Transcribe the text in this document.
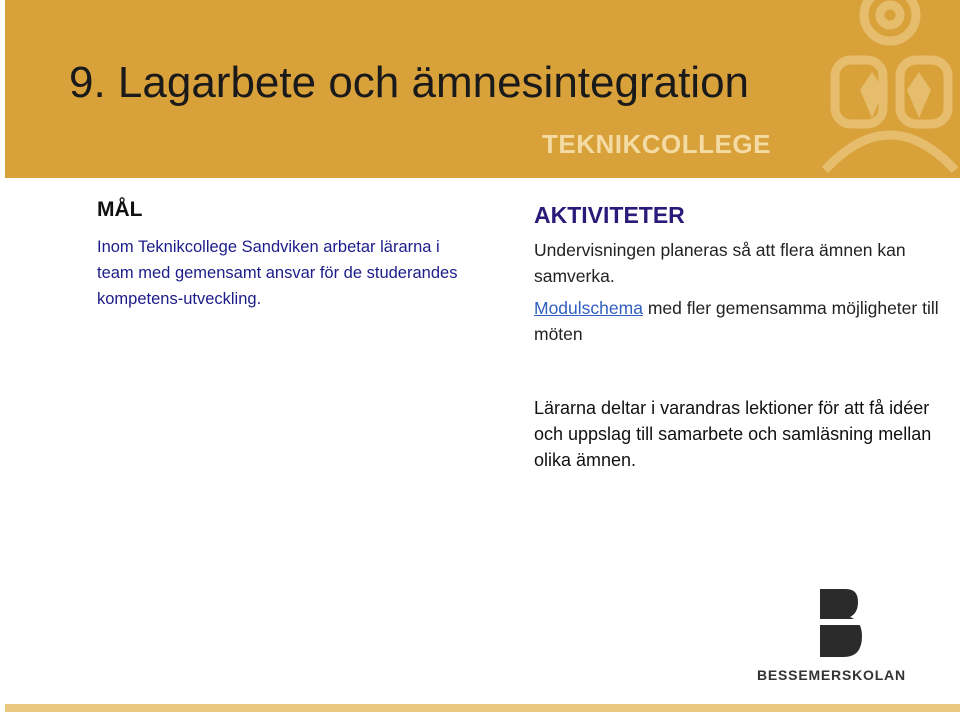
9. Lagarbete och ämnesintegration
TEKNIKCOLLEGE
MÅL

Inom Teknikcollege Sandviken arbetar lärarna i team med gemensamt ansvar för de studerandes kompetens-utveckling.

AKTIVITETER

Undervisningen planeras så att flera ämnen kan samverka.

Modulschema med fler gemensamma möjligheter till möten

Lärarna deltar i varandras lektioner för att få idéer och uppslag till samarbete och samläsning mellan olika ämnen.

BESSEMERSKOLAN
